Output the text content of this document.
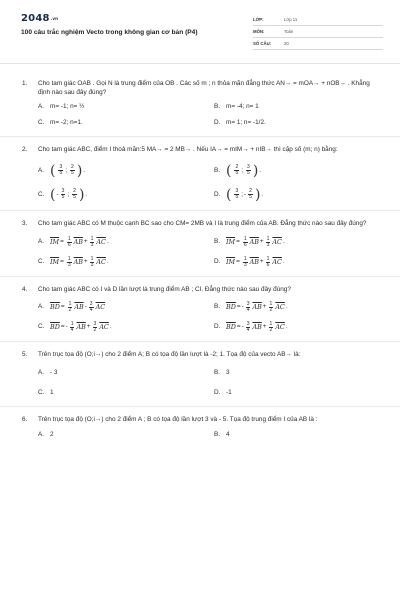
$2048^{.vn}$
100 câu trắc nghiệm Vecto trong không gian cơ bản (P4)
LỚP:	Lớp 11
MÔN:	Toán
SỐ CÂU:	20
1.	Cho tam giác OAB . Gọi N là trung điểm của OB . Các số m ; n thỏa mãn đẳng thức AN→ = mOA→ + nOB→ . Khẳng định nào sau đây đúng?
A. m= -1; n= ½	B. m= -4; n= 1
C. m= -2; n=1.	D. m= 1; n= -1/2.
2.	Cho tam giác ABC, điểm I thoả mãn:5 MA→ = 2 MB→ . Nếu IA→ = mIM→ + nIB→ thì cặp số (m; n) bằng:
A. ( $\frac{3}{5}$ ; $\frac{2}{5}$ ) .	B. ( $\frac{2}{5}$ ; $\frac{3}{5}$ ) .
C. ( - $\frac{3}{5}$ ; $\frac{2}{5}$ ) .	D. ( $\frac{3}{5}$ ; - $\frac{2}{5}$ ) .
3.	Cho tam giác ABC có M thuộc cạnh BC sao cho CM= 2MB và I là trung điểm của AB. Đẳng thức nào sau đây đúng?
A. $\overline{IM} = \frac{1}{6} \overline{AB} + \frac{1}{3} \overline{AC}$ .	B. $\overline{IM} = \frac{1}{6} \overline{AB} + \frac{1}{3} \overline{AC}$ .
C. $\overline{IM} = \frac{1}{3} \overline{AB} + \frac{1}{3} \overline{AC}$ .	D. $\overline{IM} = \frac{1}{3} \overline{AB} + \frac{1}{6} \overline{AC}$ .
4.	Cho tam giác ABC có I và D lần lượt là trung điểm AB ; CI. Đẳng thức nào sau đây đúng?
A. $\overline{BD} = \frac{1}{2} \overline{AB} - \frac{3}{4} \overline{AC}$	B. $\overline{BD}$ = - $\frac{3}{4} \overline{AB} + \frac{1}{2} \overline{AC}$ .
C. $\overline{BD}$ = - $\frac{1}{4} \overline{AB} + \frac{3}{2} \overline{AC}$ .	D. $\overline{BD}$ = - $\frac{3}{4} \overline{AB} + \frac{1}{2} \overline{AC}$ .
5.	Trên trục tọa độ (O;i→) cho 2 điểm A; B có tọa độ lần lượt là -2; 1. Tọa độ của vecto AB→ là:
A. - 3	B. 3
C. 1	D. -1
6.	Trên trục tọa độ (O;i→) cho 2 điểm A ; B có tọa độ lần lượt 3 và - 5. Tọa độ trung điểm I của AB là :
A. 2	B. 4
